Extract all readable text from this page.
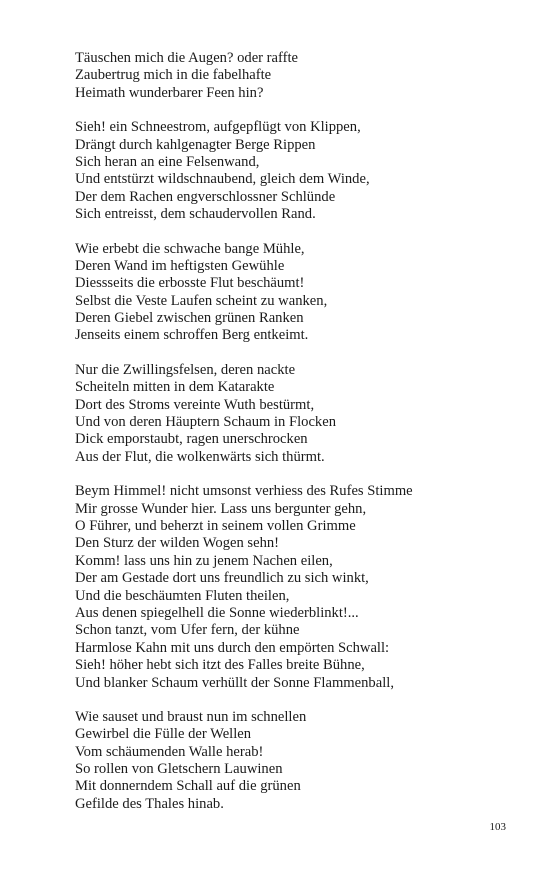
Täuschen mich die Augen? oder raffte
Zaubertrug mich in die fabelhafte
Heimath wunderbarer Feen hin?
Sieh! ein Schneestrom, aufgepflügt von Klippen,
Drängt durch kahlgenagter Berge Rippen
Sich heran an eine Felsenwand,
Und entstürzt wildschnaubend, gleich dem Winde,
Der dem Rachen engverschlossner Schlünde
Sich entreisst, dem schaudervollen Rand.
Wie erbebt die schwache bange Mühle,
Deren Wand im heftigsten Gewühle
Diessseits die erbosste Flut beschäumt!
Selbst die Veste Laufen scheint zu wanken,
Deren Giebel zwischen grünen Ranken
Jenseits einem schroffen Berg entkeimt.
Nur die Zwillingsfelsen, deren nackte
Scheiteln mitten in dem Katarakte
Dort des Stroms vereinte Wuth bestürmt,
Und von deren Häuptern Schaum in Flocken
Dick emporstaubt, ragen unerschrocken
Aus der Flut, die wolkenwärts sich thürmt.
Beym Himmel! nicht umsonst verhiess des Rufes Stimme
Mir grosse Wunder hier. Lass uns bergunter gehn,
O Führer, und beherzt in seinem vollen Grimme
Den Sturz der wilden Wogen sehn!
Komm! lass uns hin zu jenem Nachen eilen,
Der am Gestade dort uns freundlich zu sich winkt,
Und die beschäumten Fluten theilen,
Aus denen spiegelhell die Sonne wiederblinkt!...
Schon tanzt, vom Ufer fern, der kühne
Harmlose Kahn mit uns durch den empörten Schwall:
Sieh! höher hebt sich itzt des Falles breite Bühne,
Und blanker Schaum verhüllt der Sonne Flammenball,
Wie sauset und braust nun im schnellen
Gewirbel die Fülle der Wellen
Vom schäumenden Walle herab!
So rollen von Gletschern Lauwinen
Mit donnerndem Schall auf die grünen
Gefilde des Thales hinab.
103
